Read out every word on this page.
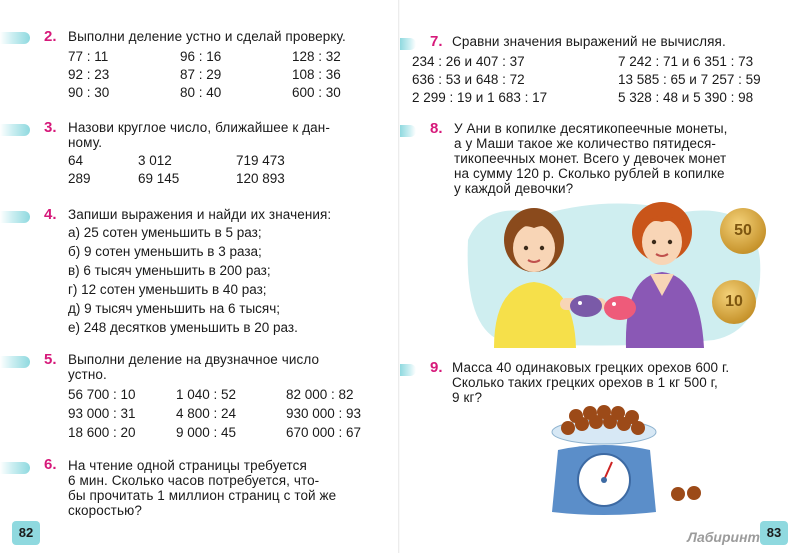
2. Выполни деление устно и сделай проверку.
77 : 11	96 : 16	128 : 32
92 : 23	87 : 29	108 : 36
90 : 30	80 : 40	600 : 30
3. Назови круглое число, ближайшее к дан-
ному.
64	3 012	719 473
289	69 145	120 893
4. Запиши выражения и найди их значения:
а) 25 сотен уменьшить в 5 раз;
б) 9 сотен уменьшить в 3 раза;
в) 6 тысяч уменьшить в 200 раз;
г) 12 сотен уменьшить в 40 раз;
д) 9 тысяч уменьшить на 6 тысяч;
е) 248 десятков уменьшить в 20 раз.
5. Выполни деление на двузначное число
устно.
56 700 : 10	1 040 : 52	82 000 : 82
93 000 : 31	4 800 : 24	930 000 : 93
18 600 : 20	9 000 : 45	670 000 : 67
6. На чтение одной страницы требуется
6 мин. Сколько часов потребуется, что-
бы прочитать 1 миллион страниц с той же
скоростью?
82
7. Сравни значения выражений не вычисляя.
234 : 26 и 407 : 37	7 242 : 71 и 6 351 : 73
636 : 53 и 648 : 72	13 585 : 65 и 7 257 : 59
2 299 : 19 и 1 683 : 17	5 328 : 48 и 5 390 : 98
8. У Ани в копилке десятикопеечные монеты,
а у Маши такое же количество пятидеся-
тикопеечных монет. Всего у девочек монет
на сумму 120 р. Сколько рублей в копилке
у каждой девочки?
50
10
9. Масса 40 одинаковых грецких орехов 600 г.
Сколько таких грецких орехов в 1 кг 500 г,
9 кг?
83
Лабиринт
